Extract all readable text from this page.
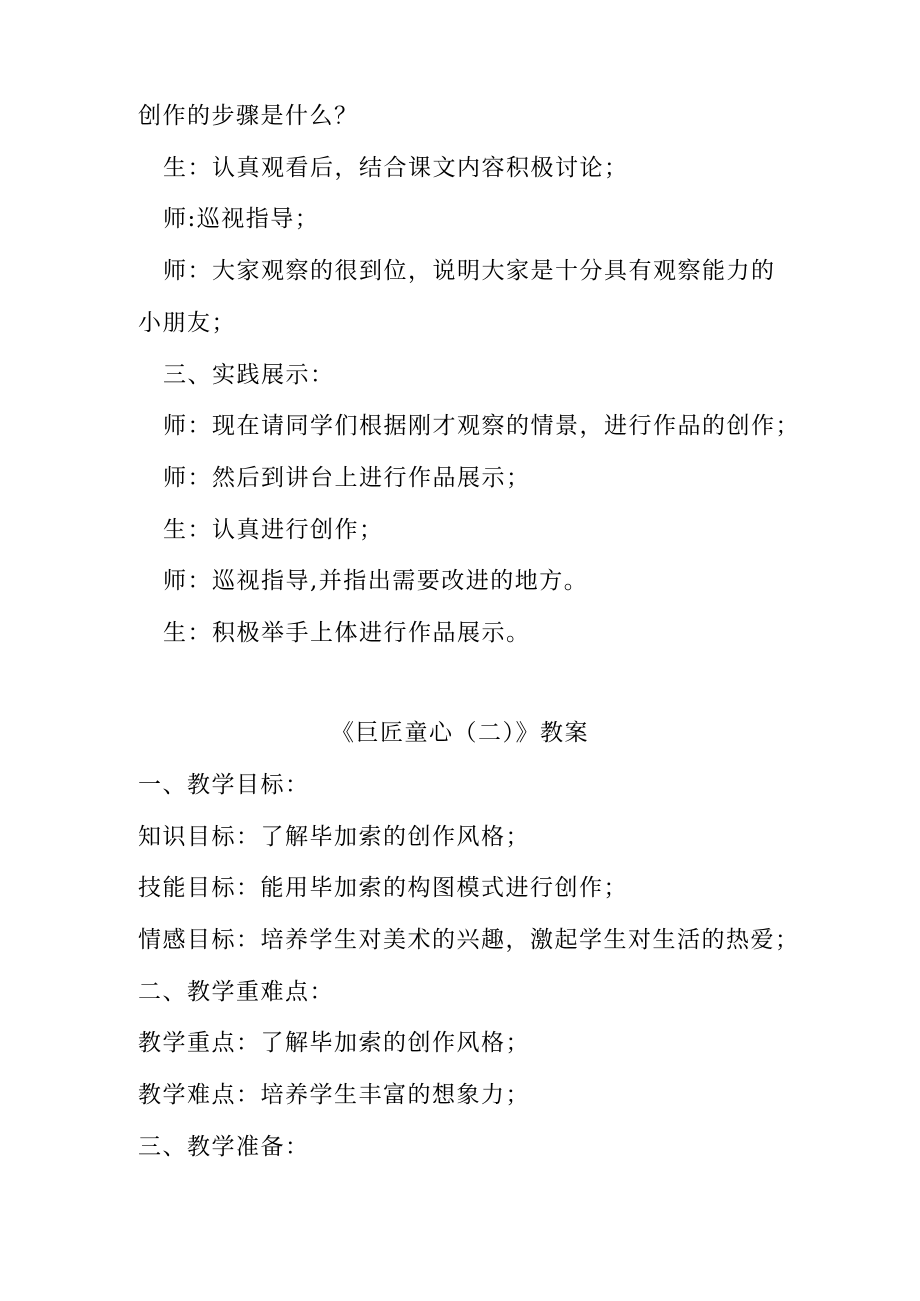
创作的步骤是什么？
生：认真观看后，结合课文内容积极讨论；
师:巡视指导；
师：大家观察的很到位，说明大家是十分具有观察能力的
小朋友；
三、实践展示：
师：现在请同学们根据刚才观察的情景，进行作品的创作；
师：然后到讲台上进行作品展示；
生：认真进行创作；
师：巡视指导,并指出需要改进的地方。
生：积极举手上体进行作品展示。
《巨匠童心（二）》教案
一、教学目标：
知识目标：了解毕加索的创作风格；
技能目标：能用毕加索的构图模式进行创作；
情感目标：培养学生对美术的兴趣，激起学生对生活的热爱；
二、教学重难点：
教学重点：了解毕加索的创作风格；
教学难点：培养学生丰富的想象力；
三、教学准备：
